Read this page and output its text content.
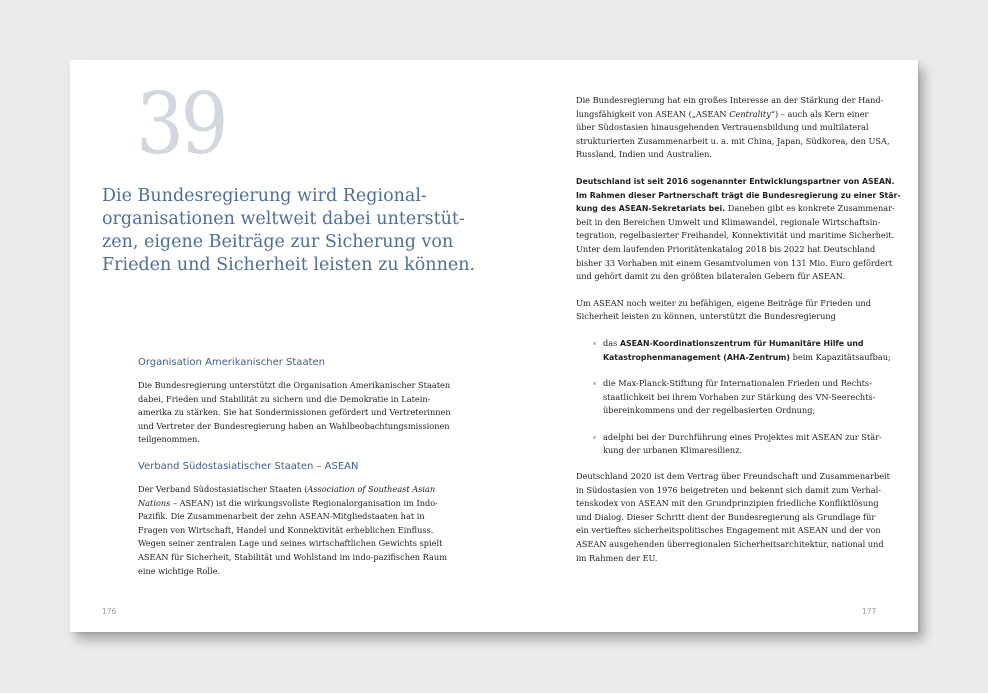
39
Die Bundesregierung wird Regional-
organisationen weltweit dabei unterstüt-
zen, eigene Beiträge zur Sicherung von
Frieden und Sicherheit leisten zu können.
Organisation Amerikanischer Staaten

Die Bundesregierung unterstützt die Organisation Amerikanischer Staaten
dabei, Frieden und Stabilität zu sichern und die Demokratie in Latein-
amerika zu stärken. Sie hat Sondermissionen gefördert und Vertreterinnen
und Vertreter der Bundesregierung haben an Wahlbeobachtungsmissionen
teilgenommen.

Verband Südostasiatischer Staaten – ASEAN

Der Verband Südostasiatischer Staaten (Association of Southeast Asian
Nations – ASEAN) ist die wirkungsvollste Regionalorganisation im Indo-
Pazifik. Die Zusammenarbeit der zehn ASEAN-Mitgliedstaaten hat in
Fragen von Wirtschaft, Handel und Konnektivität erheblichen Einfluss.
Wegen seiner zentralen Lage und seines wirtschaftlichen Gewichts spielt
ASEAN für Sicherheit, Stabilität und Wohlstand im indo-pazifischen Raum
eine wichtige Rolle.

176

Die Bundesregierung hat ein großes Interesse an der Stärkung der Hand-
lungsfähigkeit von ASEAN („ASEAN Centrality“) – auch als Kern einer
über Südostasien hinausgehenden Vertrauensbildung und multilateral
strukturierten Zusammenarbeit u. a. mit China, Japan, Südkorea, den USA,
Russland, Indien und Australien.

Deutschland ist seit 2016 sogenannter Entwicklungspartner von ASEAN.
Im Rahmen dieser Partnerschaft trägt die Bundesregierung zu einer Stär-
kung des ASEAN-Sekretariats bei. Daneben gibt es konkrete Zusammenar-
beit in den Bereichen Umwelt und Klimawandel, regionale Wirtschaftsin-
tegration, regelbasierter Freihandel, Konnektivität und maritime Sicherheit.
Unter dem laufenden Prioritätenkatalog 2018 bis 2022 hat Deutschland
bisher 33 Vorhaben mit einem Gesamtvolumen von 131 Mio. Euro gefördert
und gehört damit zu den größten bilateralen Gebern für ASEAN.

Um ASEAN noch weiter zu befähigen, eigene Beiträge für Frieden und
Sicherheit leisten zu können, unterstützt die Bundesregierung

das ASEAN-Koordinationszentrum für Humanitäre Hilfe und
Katastrophenmanagement (AHA-Zentrum) beim Kapazitätsaufbau;
die Max-Planck-Stiftung für Internationalen Frieden und Rechts-
staatlichkeit bei ihrem Vorhaben zur Stärkung des VN-Seerechts-
übereinkommens und der regelbasierten Ordnung;
adelphi bei der Durchführung eines Projektes mit ASEAN zur Stär-
kung der urbanen Klimaresilienz.

Deutschland 2020 ist dem Vertrag über Freundschaft und Zusammenarbeit
in Südostasien von 1976 beigetreten und bekennt sich damit zum Verhal-
tenskodex von ASEAN mit den Grundprinzipien friedliche Konfliktlösung
und Dialog. Dieser Schritt dient der Bundesregierung als Grundlage für
ein vertieftes sicherheitspolitisches Engagement mit ASEAN und der von
ASEAN ausgehenden überregionalen Sicherheitsarchitektur, national und
im Rahmen der EU.

177
